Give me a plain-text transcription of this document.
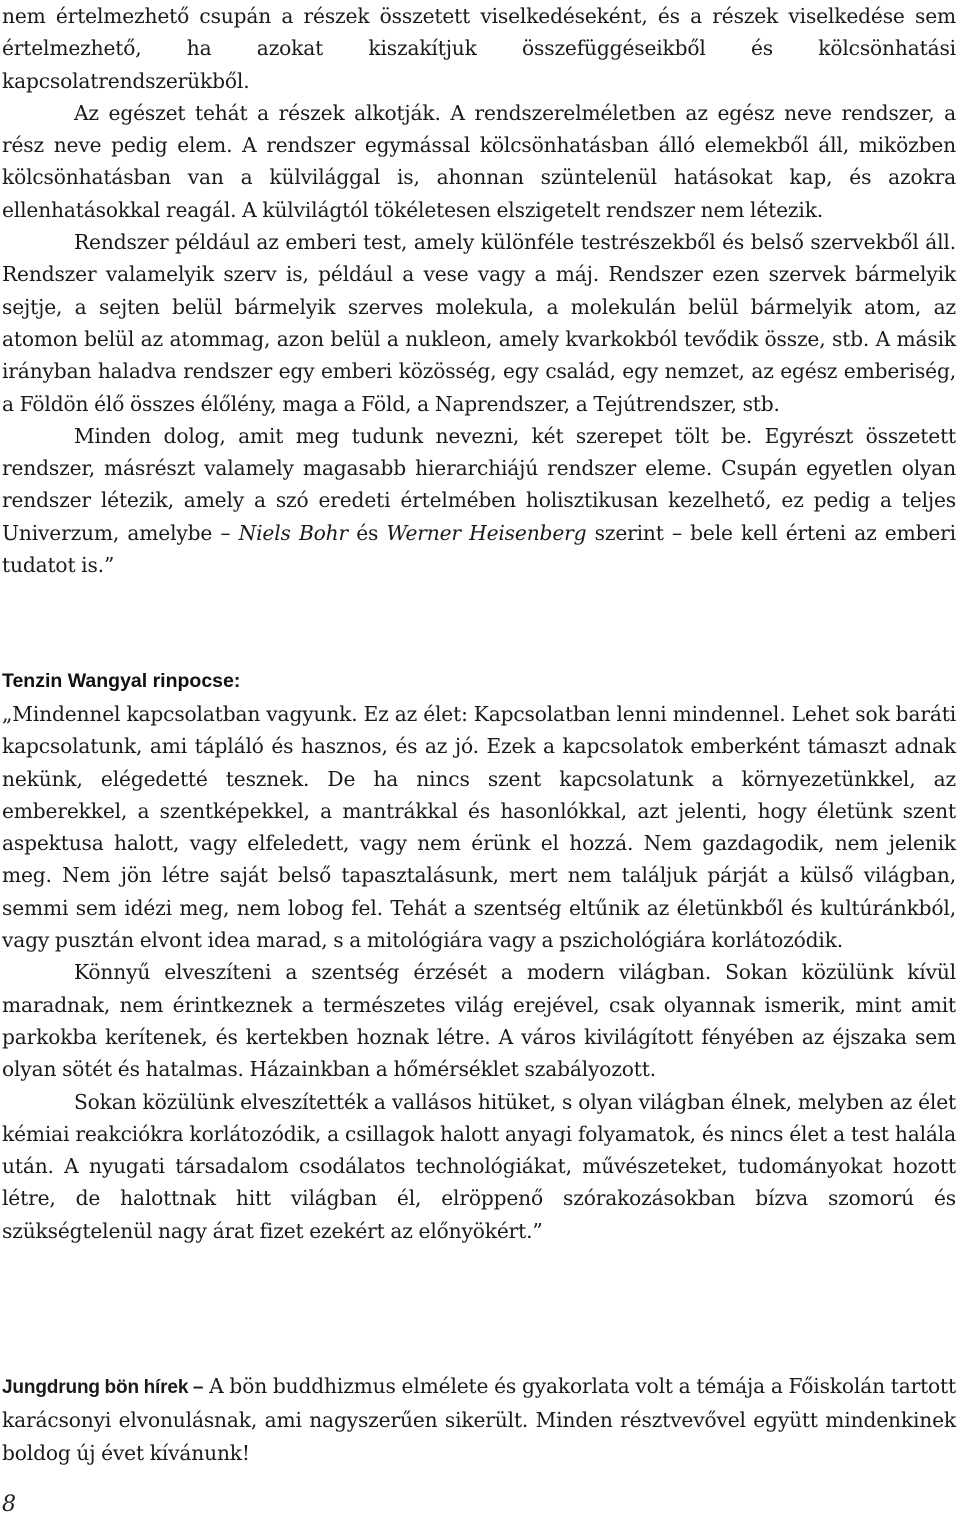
nem értelmezhető csupán a részek összetett viselkedéseként, és a részek viselkedése sem értelmezhető, ha azokat kiszakítjuk összefüggéseikből és kölcsönhatási kapcsolatrendszerükből.

Az egészet tehát a részek alkotják. A rendszerelméletben az egész neve rendszer, a rész neve pedig elem. A rendszer egymással kölcsönhatásban álló elemekből áll, miközben kölcsönhatásban van a külvilággal is, ahonnan szüntelenül hatásokat kap, és azokra ellenhatásokkal reagál. A külvilágtól tökéletesen elszigetelt rendszer nem létezik.

Rendszer például az emberi test, amely különféle testrészekből és belső szervekből áll. Rendszer valamelyik szerv is, például a vese vagy a máj. Rendszer ezen szervek bármelyik sejtje, a sejten belül bármelyik szerves molekula, a molekulán belül bármelyik atom, az atomon belül az atommag, azon belül a nukleon, amely kvarkokból tevődik össze, stb. A másik irányban haladva rendszer egy emberi közösség, egy család, egy nemzet, az egész emberiség, a Földön élő összes élőlény, maga a Föld, a Naprendszer, a Tejútrendszer, stb.

Minden dolog, amit meg tudunk nevezni, két szerepet tölt be. Egyrészt összetett rendszer, másrészt valamely magasabb hierarchiájú rendszer eleme. Csupán egyetlen olyan rendszer létezik, amely a szó eredeti értelmében holisztikusan kezelhető, ez pedig a teljes Univerzum, amelybe – Niels Bohr és Werner Heisenberg szerint – bele kell érteni az emberi tudatot is.”

Tenzin Wangyal rinpocse:

„Mindennel kapcsolatban vagyunk. Ez az élet: Kapcsolatban lenni mindennel. Lehet sok baráti kapcsolatunk, ami tápláló és hasznos, és az jó. Ezek a kapcsolatok emberként támaszt adnak nekünk, elégedetté tesznek. De ha nincs szent kapcsolatunk a környezetünkkel, az emberekkel, a szentképekkel, a mantrákkal és hasonlókkal, azt jelenti, hogy életünk szent aspektusa halott, vagy elfeledett, vagy nem érünk el hozzá. Nem gazdagodik, nem jelenik meg. Nem jön létre saját belső tapasztalásunk, mert nem találjuk párját a külső világban, semmi sem idézi meg, nem lobog fel. Tehát a szentség eltűnik az életünkből és kultúránkból, vagy pusztán elvont idea marad, s a mitológiára vagy a pszichológiára korlátozódik.

Könnyű elveszíteni a szentség érzését a modern világban. Sokan közülünk kívül maradnak, nem érintkeznek a természetes világ erejével, csak olyannak ismerik, mint amit parkokba kerítenek, és kertekben hoznak létre. A város kivilágított fényében az éjszaka sem olyan sötét és hatalmas. Házainkban a hőmérséklet szabályozott.

Sokan közülünk elveszítették a vallásos hitüket, s olyan világban élnek, melyben az élet kémiai reakciókra korlátozódik, a csillagok halott anyagi folyamatok, és nincs élet a test halála után. A nyugati társadalom csodálatos technológiákat, művészeteket, tudományokat hozott létre, de halottnak hitt világban él, elröppenő szórakozásokban bízva szomorú és szükségtelenül nagy árat fizet ezekért az előnyökért.”

Jungdrung bön hírek – A bön buddhizmus elmélete és gyakorlata volt a témája a Főiskolán tartott karácsonyi elvonulásnak, ami nagyszerűen sikerült. Minden résztvevővel együtt mindenkinek boldog új évet kívánunk!

8
